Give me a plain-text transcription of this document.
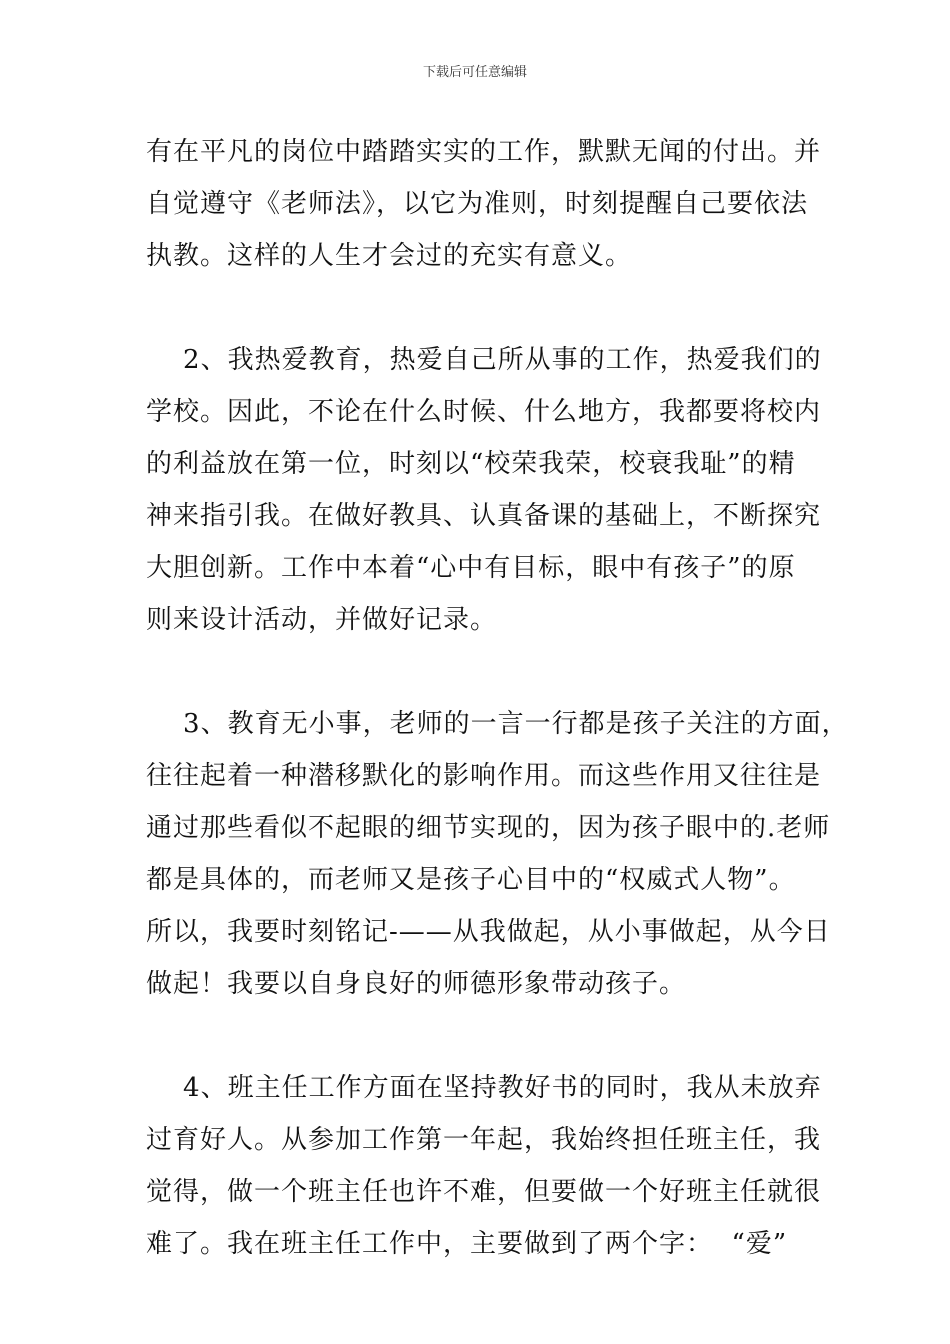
下载后可任意编辑
有在平凡的岗位中踏踏实实的工作，默默无闻的付出。并
自觉遵守《老师法》，以它为准则，时刻提醒自己要依法
执教。这样的人生才会过的充实有意义。
2、我热爱教育，热爱自己所从事的工作，热爱我们的
学校。因此，不论在什么时候、什么地方，我都要将校内
的利益放在第一位，时刻以“校荣我荣，校衰我耻”的精
神来指引我。在做好教具、认真备课的基础上，不断探究
大胆创新。工作中本着“心中有目标，眼中有孩子”的原
则来设计活动，并做好记录。
3、教育无小事，老师的一言一行都是孩子关注的方面，
往往起着一种潜移默化的影响作用。而这些作用又往往是
通过那些看似不起眼的细节实现的，因为孩子眼中的.老师
都是具体的，而老师又是孩子心目中的“权威式人物”。
所以，我要时刻铭记-——从我做起，从小事做起，从今日
做起！我要以自身良好的师德形象带动孩子。
4、班主任工作方面在坚持教好书的同时，我从未放弃
过育好人。从参加工作第一年起，我始终担任班主任，我
觉得，做一个班主任也许不难，但要做一个好班主任就很
难了。我在班主任工作中，主要做到了两个字：  “爱”
